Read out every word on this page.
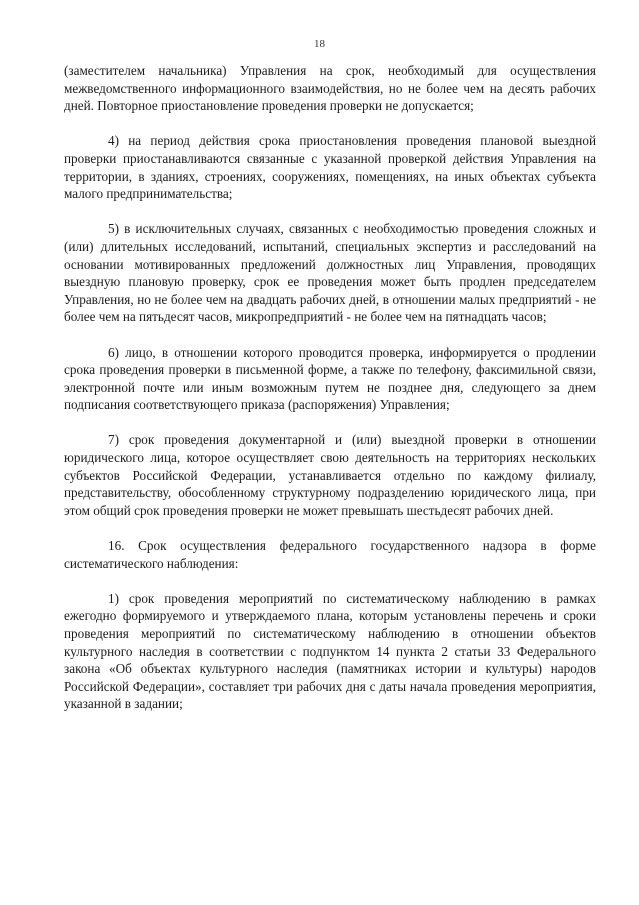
18

(заместителем начальника) Управления на срок, необходимый для осуществления межведомственного информационного взаимодействия, но не более чем на десять рабочих дней. Повторное приостановление проведения проверки не допускается;

4) на период действия срока приостановления проведения плановой выездной проверки приостанавливаются связанные с указанной проверкой действия Управления на территории, в зданиях, строениях, сооружениях, помещениях, на иных объектах субъекта малого предпринимательства;

5) в исключительных случаях, связанных с необходимостью проведения сложных и (или) длительных исследований, испытаний, специальных экспертиз и расследований на основании мотивированных предложений должностных лиц Управления, проводящих выездную плановую проверку, срок ее проведения может быть продлен председателем Управления, но не более чем на двадцать рабочих дней, в отношении малых предприятий - не более чем на пятьдесят часов, микропредприятий - не более чем на пятнадцать часов;

6) лицо, в отношении которого проводится проверка, информируется о продлении срока проведения проверки в письменной форме, а также по телефону, факсимильной связи, электронной почте или иным возможным путем не позднее дня, следующего за днем подписания соответствующего приказа (распоряжения) Управления;

7) срок проведения документарной и (или) выездной проверки в отношении юридического лица, которое осуществляет свою деятельность на территориях нескольких субъектов Российской Федерации, устанавливается отдельно по каждому филиалу, представительству, обособленному структурному подразделению юридического лица, при этом общий срок проведения проверки не может превышать шестьдесят рабочих дней.

16. Срок осуществления федерального государственного надзора в форме систематического наблюдения:

1) срок проведения мероприятий по систематическому наблюдению в рамках ежегодно формируемого и утверждаемого плана, которым установлены перечень и сроки проведения мероприятий по систематическому наблюдению в отношении объектов культурного наследия в соответствии с подпунктом 14 пункта 2 статьи 33 Федерального закона «Об объектах культурного наследия (памятниках истории и культуры) народов Российской Федерации», составляет три рабочих дня с даты начала проведения мероприятия, указанной в задании;
